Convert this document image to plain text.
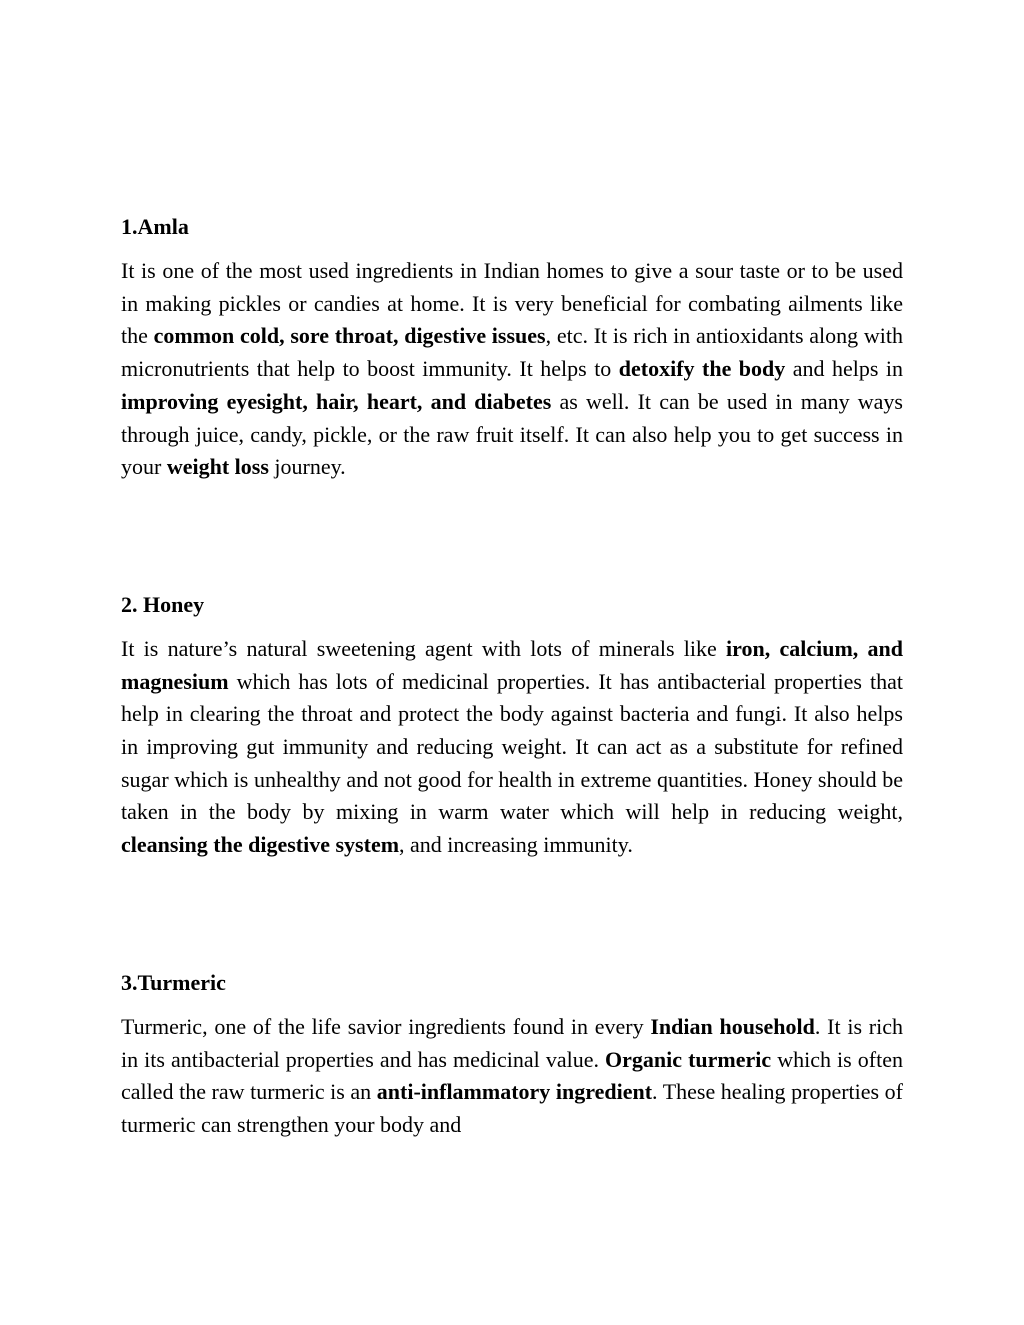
1.Amla

It is one of the most used ingredients in Indian homes to give a sour taste or to be used in making pickles or candies at home. It is very beneficial for combating ailments like the common cold, sore throat, digestive issues, etc. It is rich in antioxidants along with micronutrients that help to boost immunity. It helps to detoxify the body and helps in improving eyesight, hair, heart, and diabetes as well. It can be used in many ways through juice, candy, pickle, or the raw fruit itself. It can also help you to get success in your weight loss journey.

2. Honey

It is nature’s natural sweetening agent with lots of minerals like iron, calcium, and magnesium which has lots of medicinal properties. It has antibacterial properties that help in clearing the throat and protect the body against bacteria and fungi. It also helps in improving gut immunity and reducing weight. It can act as a substitute for refined sugar which is unhealthy and not good for health in extreme quantities. Honey should be taken in the body by mixing in warm water which will help in reducing weight, cleansing the digestive system, and increasing immunity.

3.Turmeric

Turmeric, one of the life savior ingredients found in every Indian household. It is rich in its antibacterial properties and has medicinal value. Organic turmeric which is often called the raw turmeric is an anti-inflammatory ingredient. These healing properties of turmeric can strengthen your body and
